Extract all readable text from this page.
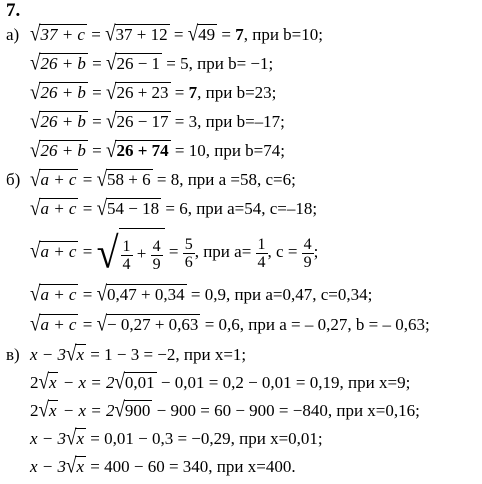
7.
а) √37 + c = √37 + 12 = √49 = 7, при b=10;
√26 + b = √26 − 1 = 5, при b= −1;
√26 + b = √26 + 23 = 7, при b=23;
√26 + b = √26 − 17 = 3, при b=–17;
√26 + b = √26 + 74 = 10, при b=74;
б) √a + c = √58 + 6 = 8, при a =58, c=6;
√a + c = √54 − 18 = 6, при a=54, c=–18;
√a + c = √ $\frac{1}{4} + \frac{4}{9} = \frac{5}{6}$ , при $a= \frac{1}{4}$ , $c = \frac{4}{9}$ ;
√a + c = √0,47 + 0,34 = 0,9, при a=0,47, c=0,34;
√a + c = √− 0,27 + 0,63 = 0,6, при a = – 0,27, b = – 0,63;
в) x − 3√x = 1 − 3 = −2, при x=1;
2√x − x = 2√0,01 − 0,01 = 0,2 − 0,01 = 0,19, при x=9;
2√x − x = 2√900 − 900 = 60 − 900 = −840, при x=0,16;
x − 3√x = 0,01 − 0,3 = −0,29, при x=0,01;
x − 3√x = 400 − 60 = 340, при x=400.
